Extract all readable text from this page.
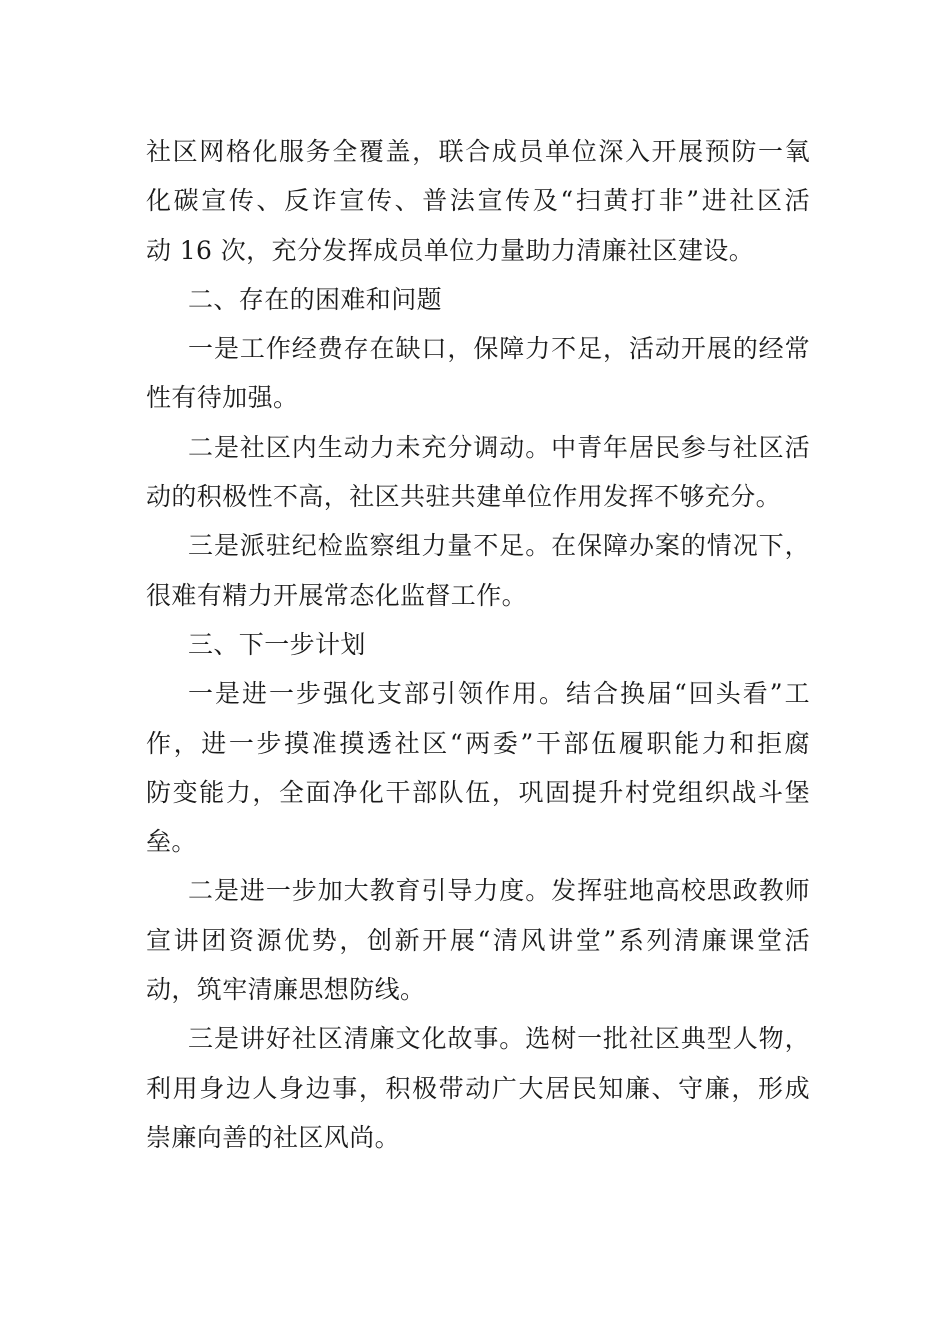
社区网格化服务全覆盖，联合成员单位深入开展预防一氧
化碳宣传、反诈宣传、普法宣传及“扫黄打非”进社区活
动 16 次，充分发挥成员单位力量助力清廉社区建设。

二、存在的困难和问题

一是工作经费存在缺口，保障力不足，活动开展的经常
性有待加强。

二是社区内生动力未充分调动。中青年居民参与社区活
动的积极性不高，社区共驻共建单位作用发挥不够充分。

三是派驻纪检监察组力量不足。在保障办案的情况下，
很难有精力开展常态化监督工作。

三、下一步计划

一是进一步强化支部引领作用。结合换届“回头看”工
作，进一步摸准摸透社区“两委”干部伍履职能力和拒腐
防变能力，全面净化干部队伍，巩固提升村党组织战斗堡
垒。

二是进一步加大教育引导力度。发挥驻地高校思政教师
宣讲团资源优势，创新开展“清风讲堂”系列清廉课堂活
动，筑牢清廉思想防线。

三是讲好社区清廉文化故事。选树一批社区典型人物，
利用身边人身边事，积极带动广大居民知廉、守廉，形成
崇廉向善的社区风尚。
